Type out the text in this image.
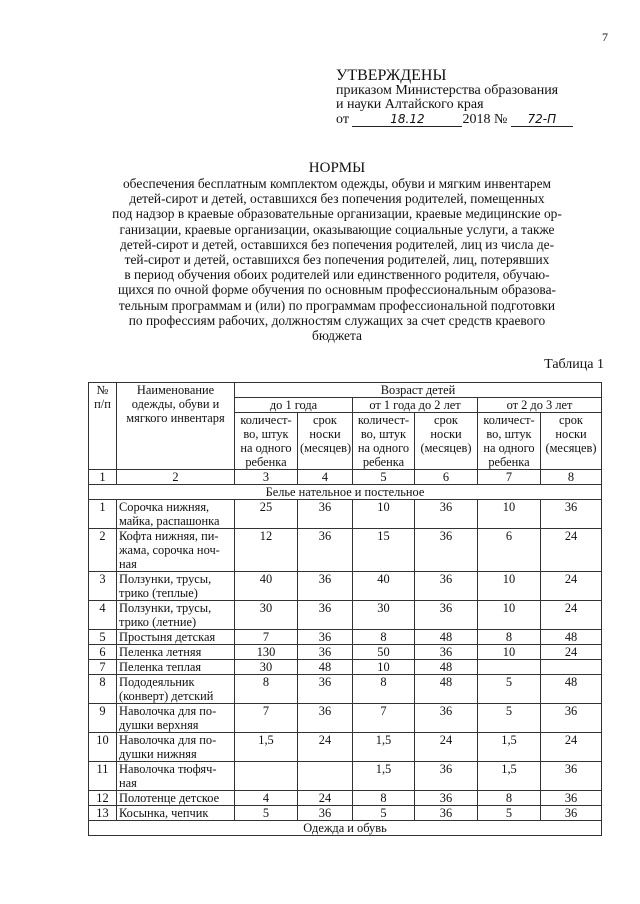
7
УТВЕРЖДЕНЫ
приказом Министерства образования
и науки Алтайского края
от	18.12	2018 № 72-П
НОРМЫ
обеспечения бесплатным комплектом одежды, обуви и мягким инвентарем
детей-сирот и детей, оставшихся без попечения родителей, помещенных
под надзор в краевые образовательные организации, краевые медицинские ор-
ганизации, краевые организации, оказывающие социальные услуги, а также
детей-сирот и детей, оставшихся без попечения родителей, лиц из числа де-
тей-сирот и детей, оставшихся без попечения родителей, лиц, потерявших
в период обучения обоих родителей или единственного родителя, обучаю-
щихся по очной форме обучения по основным профессиональным образова-
тельным программам и (или) по программам профессиональной подготовки
по профессиям рабочих, должностям служащих за счет средств краевого
бюджета
Таблица 1
№ п/п	Наименование одежды, обуви и мягкого инвентаря	Возраст детей					
		до 1 года		от 1 года до 2 лет		от 2 до 3 лет	
		количест-во, штук на одного ребенка	срок носки (месяцев)	количест-во, штук на одного ребенка	срок носки (месяцев)	количест-во, штук на одного ребенка	срок носки (месяцев)
1	2	3	4	5	6	7	8
Белье нательное и постельное							
1	Сорочка нижняя, майка, распашонка	25	36	10	36	10	36
2	Кофта нижняя, пи-жама, сорочка ноч-ная	12	36	15	36	6	24
3	Ползунки, трусы, трико (теплые)	40	36	40	36	10	24
4	Ползунки, трусы, трико (летние)	30	36	30	36	10	24
5	Простыня детская	7	36	8	48	8	48
6	Пеленка летняя	130	36	50	36	10	24
7	Пеленка теплая	30	48	10	48		
8	Пододеяльник (конверт) детский	8	36	8	48	5	48
9	Наволочка для по-душки верхняя	7	36	7	36	5	36
10	Наволочка для по-душки нижняя	1,5	24	1,5	24	1,5	24
11	Наволочка тюфяч-ная			1,5	36	1,5	36
12	Полотенце детское	4	24	8	36	8	36
13	Косынка, чепчик	5	36	5	36	5	36
Одежда и обувь							
